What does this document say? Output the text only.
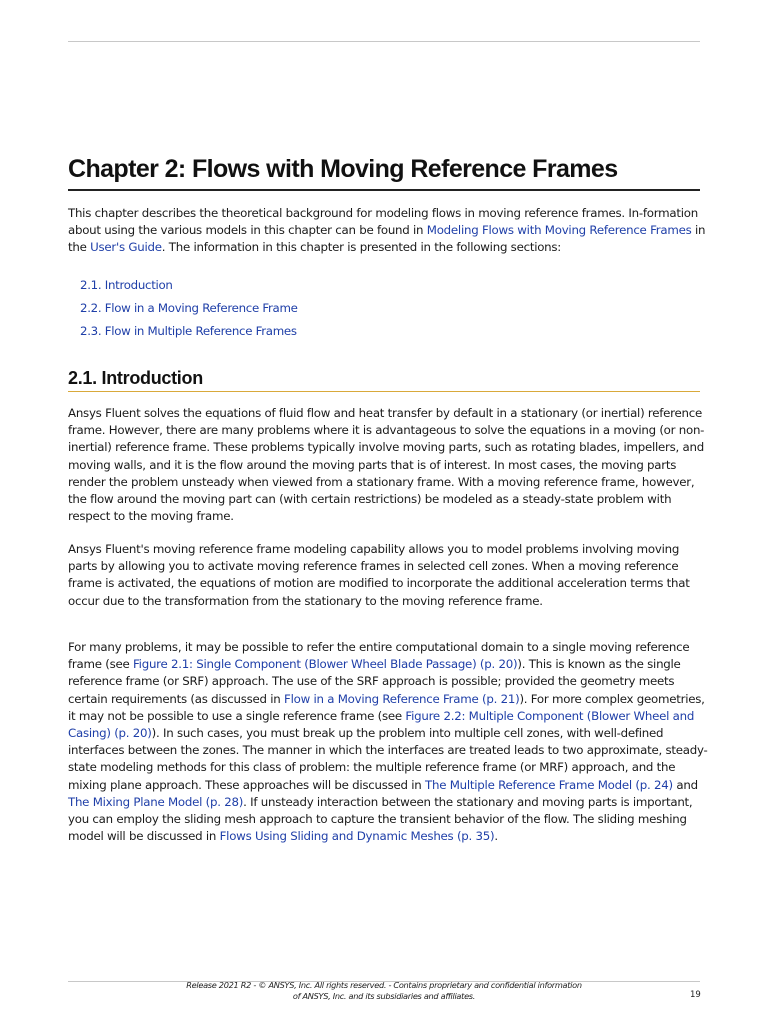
Chapter 2: Flows with Moving Reference Frames

This chapter describes the theoretical background for modeling flows in moving reference frames. In-formation about using the various models in this chapter can be found in Modeling Flows with Moving Reference Frames in the User's Guide. The information in this chapter is presented in the following sections:

2.1. Introduction
2.2. Flow in a Moving Reference Frame
2.3. Flow in Multiple Reference Frames
2.1. Introduction

Ansys Fluent solves the equations of fluid flow and heat transfer by default in a stationary (or inertial) reference frame. However, there are many problems where it is advantageous to solve the equations in a moving (or non-inertial) reference frame. These problems typically involve moving parts, such as rotating blades, impellers, and moving walls, and it is the flow around the moving parts that is of interest. In most cases, the moving parts render the problem unsteady when viewed from a stationary frame. With a moving reference frame, however, the flow around the moving part can (with certain restrictions) be modeled as a steady-state problem with respect to the moving frame.

Ansys Fluent's moving reference frame modeling capability allows you to model problems involving moving parts by allowing you to activate moving reference frames in selected cell zones. When a moving reference frame is activated, the equations of motion are modified to incorporate the additional acceleration terms that occur due to the transformation from the stationary to the moving reference frame.

For many problems, it may be possible to refer the entire computational domain to a single moving reference frame (see Figure 2.1: Single Component (Blower Wheel Blade Passage) (p. 20)). This is known as the single reference frame (or SRF) approach. The use of the SRF approach is possible; provided the geometry meets certain requirements (as discussed in Flow in a Moving Reference Frame (p. 21)). For more complex geometries, it may not be possible to use a single reference frame (see Figure 2.2: Multiple Component (Blower Wheel and Casing) (p. 20)). In such cases, you must break up the problem into multiple cell zones, with well-defined interfaces between the zones. The manner in which the interfaces are treated leads to two approximate, steady-state modeling methods for this class of problem: the multiple reference frame (or MRF) approach, and the mixing plane approach. These approaches will be discussed in The Multiple Reference Frame Model (p. 24) and The Mixing Plane Model (p. 28). If unsteady interaction between the stationary and moving parts is important, you can employ the sliding mesh approach to capture the transient behavior of the flow. The sliding meshing model will be discussed in Flows Using Sliding and Dynamic Meshes (p. 35).

Release 2021 R2 - © ANSYS, Inc. All rights reserved. - Contains proprietary and confidential information
of ANSYS, Inc. and its subsidiaries and affiliates.	19
